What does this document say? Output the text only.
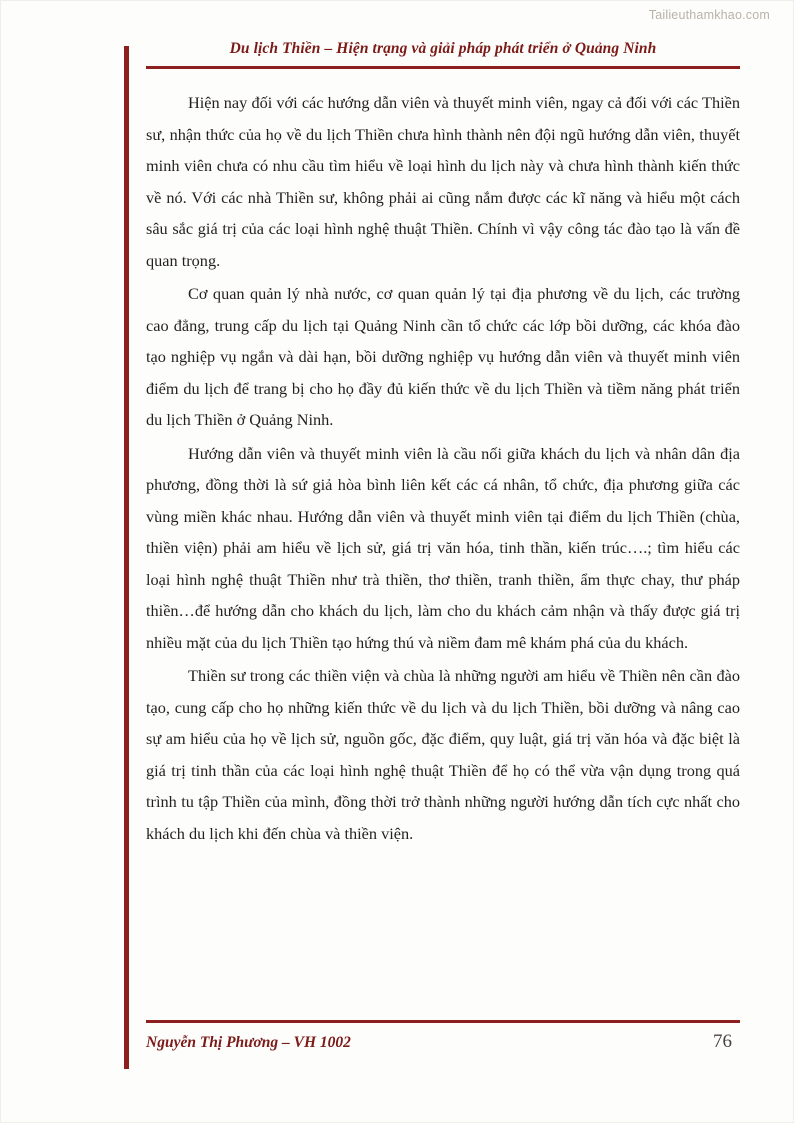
Tailieuthamkhao.com
Du lịch Thiền – Hiện trạng và giải pháp phát triển ở Quảng Ninh

Hiện nay đối với các hướng dẫn viên và thuyết minh viên, ngay cả đối với các Thiền sư, nhận thức của họ về du lịch Thiền chưa hình thành nên đội ngũ hướng dẫn viên, thuyết minh viên chưa có nhu cầu tìm hiểu về loại hình du lịch này và chưa hình thành kiến thức về nó. Với các nhà Thiền sư, không phải ai cũng nắm được các kĩ năng và hiểu một cách sâu sắc giá trị của các loại hình nghệ thuật Thiền. Chính vì vậy công tác đào tạo là vấn đề quan trọng.

Cơ quan quản lý nhà nước, cơ quan quản lý tại địa phương về du lịch, các trường cao đẳng, trung cấp du lịch tại Quảng Ninh cần tổ chức các lớp bồi dưỡng, các khóa đào tạo nghiệp vụ ngắn và dài hạn, bồi dưỡng nghiệp vụ hướng dẫn viên và thuyết minh viên điểm du lịch để trang bị cho họ đầy đủ kiến thức về du lịch Thiền và tiềm năng phát triển du lịch Thiền ở Quảng Ninh.

Hướng dẫn viên và thuyết minh viên là cầu nối giữa khách du lịch và nhân dân địa phương, đồng thời là sứ giả hòa bình liên kết các cá nhân, tổ chức, địa phương giữa các vùng miền khác nhau. Hướng dẫn viên và thuyết minh viên tại điểm du lịch Thiền (chùa, thiền viện) phải am hiểu về lịch sử, giá trị văn hóa, tinh thần, kiến trúc….; tìm hiểu các loại hình nghệ thuật Thiền như trà thiền, thơ thiền, tranh thiền, ẩm thực chay, thư pháp thiền…để hướng dẫn cho khách du lịch, làm cho du khách cảm nhận và thấy được giá trị nhiều mặt của du lịch Thiền tạo hứng thú và niềm đam mê khám phá của du khách.

Thiền sư trong các thiền viện và chùa là những người am hiểu về Thiền nên cần đào tạo, cung cấp cho họ những kiến thức về du lịch và du lịch Thiền, bồi dưỡng và nâng cao sự am hiểu của họ về lịch sử, nguồn gốc, đặc điểm, quy luật, giá trị văn hóa và đặc biệt là giá trị tinh thần của các loại hình nghệ thuật Thiền để họ có thể vừa vận dụng trong quá trình tu tập Thiền của mình, đồng thời trở thành những người hướng dẫn tích cực nhất cho khách du lịch khi đến chùa và thiền viện.

Nguyễn Thị Phương – VH 1002	76
